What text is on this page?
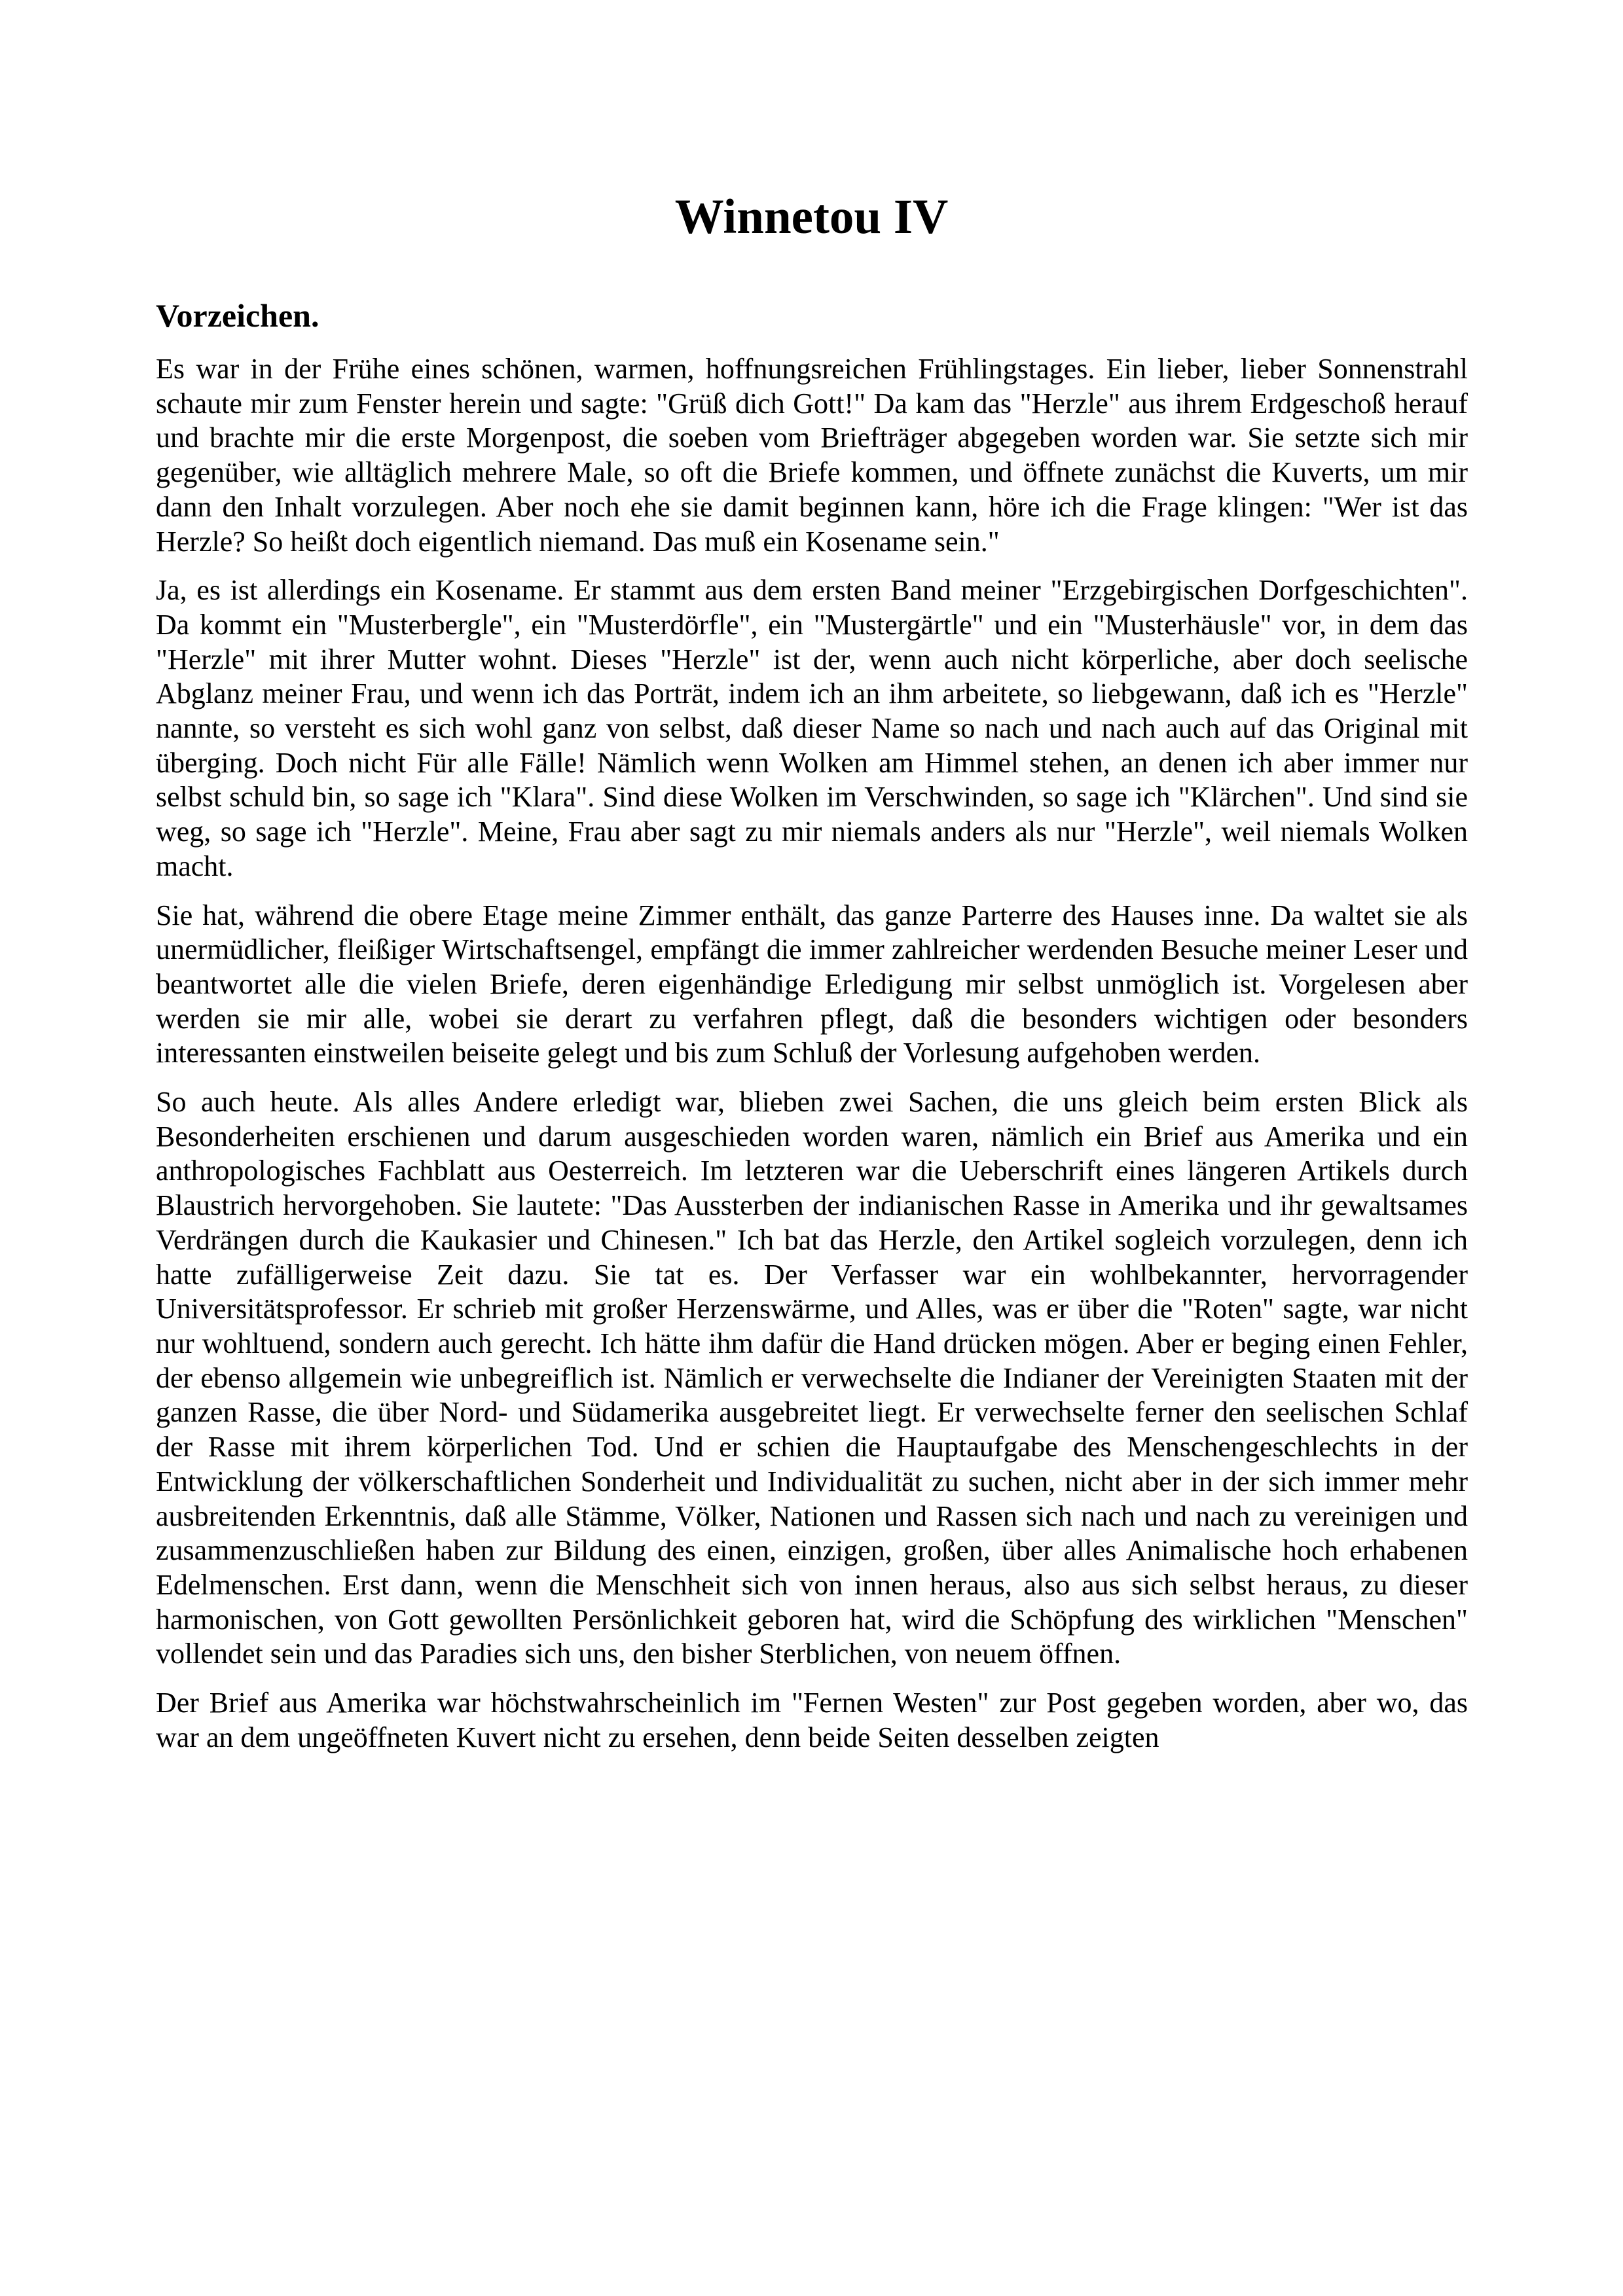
Winnetou IV
Vorzeichen.

Es war in der Frühe eines schönen, warmen, hoffnungsreichen Frühlingstages. Ein lieber, lieber Sonnenstrahl schaute mir zum Fenster herein und sagte: "Grüß dich Gott!" Da kam das "Herzle" aus ihrem Erdgeschoß herauf und brachte mir die erste Morgenpost, die soeben vom Briefträger abgegeben worden war. Sie setzte sich mir gegenüber, wie alltäglich mehrere Male, so oft die Briefe kommen, und öffnete zunächst die Kuverts, um mir dann den Inhalt vorzulegen. Aber noch ehe sie damit beginnen kann, höre ich die Frage klingen: "Wer ist das Herzle? So heißt doch eigentlich niemand. Das muß ein Kosename sein."

Ja, es ist allerdings ein Kosename. Er stammt aus dem ersten Band meiner "Erzgebirgischen Dorfgeschichten". Da kommt ein "Musterbergle", ein "Musterdörfle", ein "Mustergärtle" und ein "Musterhäusle" vor, in dem das "Herzle" mit ihrer Mutter wohnt. Dieses "Herzle" ist der, wenn auch nicht körperliche, aber doch seelische Abglanz meiner Frau, und wenn ich das Porträt, indem ich an ihm arbeitete, so liebgewann, daß ich es "Herzle" nannte, so versteht es sich wohl ganz von selbst, daß dieser Name so nach und nach auch auf das Original mit überging. Doch nicht Für alle Fälle! Nämlich wenn Wolken am Himmel stehen, an denen ich aber immer nur selbst schuld bin, so sage ich "Klara". Sind diese Wolken im Verschwinden, so sage ich "Klärchen". Und sind sie weg, so sage ich "Herzle". Meine, Frau aber sagt zu mir niemals anders als nur "Herzle", weil niemals Wolken macht.

Sie hat, während die obere Etage meine Zimmer enthält, das ganze Parterre des Hauses inne. Da waltet sie als unermüdlicher, fleißiger Wirtschaftsengel, empfängt die immer zahlreicher werdenden Besuche meiner Leser und beantwortet alle die vielen Briefe, deren eigenhändige Erledigung mir selbst unmöglich ist. Vorgelesen aber werden sie mir alle, wobei sie derart zu verfahren pflegt, daß die besonders wichtigen oder besonders interessanten einstweilen beiseite gelegt und bis zum Schluß der Vorlesung aufgehoben werden.

So auch heute. Als alles Andere erledigt war, blieben zwei Sachen, die uns gleich beim ersten Blick als Besonderheiten erschienen und darum ausgeschieden worden waren, nämlich ein Brief aus Amerika und ein anthropologisches Fachblatt aus Oesterreich. Im letzteren war die Ueberschrift eines längeren Artikels durch Blaustrich hervorgehoben. Sie lautete: "Das Aussterben der indianischen Rasse in Amerika und ihr gewaltsames Verdrängen durch die Kaukasier und Chinesen." Ich bat das Herzle, den Artikel sogleich vorzulegen, denn ich hatte zufälligerweise Zeit dazu. Sie tat es. Der Verfasser war ein wohlbekannter, hervorragender Universitätsprofessor. Er schrieb mit großer Herzenswärme, und Alles, was er über die "Roten" sagte, war nicht nur wohltuend, sondern auch gerecht. Ich hätte ihm dafür die Hand drücken mögen. Aber er beging einen Fehler, der ebenso allgemein wie unbegreiflich ist. Nämlich er verwechselte die Indianer der Vereinigten Staaten mit der ganzen Rasse, die über Nord- und Südamerika ausgebreitet liegt. Er verwechselte ferner den seelischen Schlaf der Rasse mit ihrem körperlichen Tod. Und er schien die Hauptaufgabe des Menschengeschlechts in der Entwicklung der völkerschaftlichen Sonderheit und Individualität zu suchen, nicht aber in der sich immer mehr ausbreitenden Erkenntnis, daß alle Stämme, Völker, Nationen und Rassen sich nach und nach zu vereinigen und zusammenzuschließen haben zur Bildung des einen, einzigen, großen, über alles Animalische hoch erhabenen Edelmenschen. Erst dann, wenn die Menschheit sich von innen heraus, also aus sich selbst heraus, zu dieser harmonischen, von Gott gewollten Persönlichkeit geboren hat, wird die Schöpfung des wirklichen "Menschen" vollendet sein und das Paradies sich uns, den bisher Sterblichen, von neuem öffnen.

Der Brief aus Amerika war höchstwahrscheinlich im "Fernen Westen" zur Post gegeben worden, aber wo, das war an dem ungeöffneten Kuvert nicht zu ersehen, denn beide Seiten desselben zeigten
